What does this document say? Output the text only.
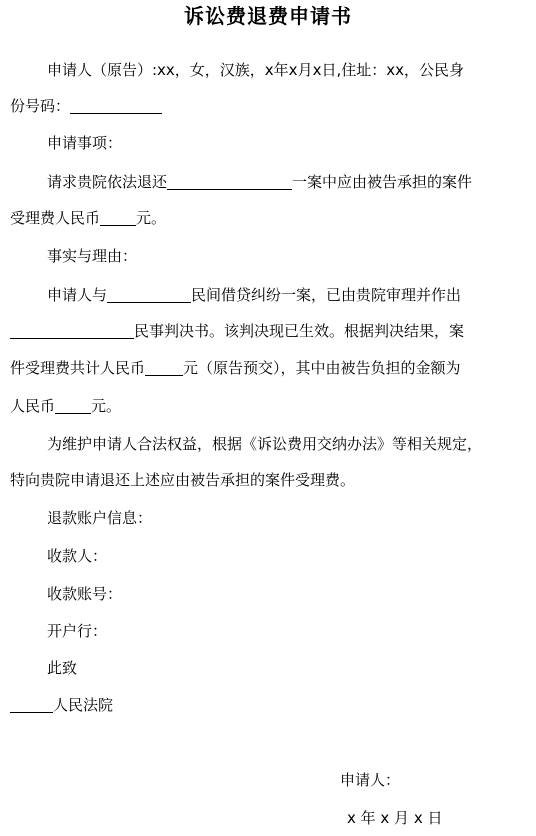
诉讼费退费申请书
申请人（原告）:xx，女，汉族，x年x月x日,住址：xx，公民身
份号码：
申请事项：
请求贵院依法退还	一案中应由被告承担的案件
受理费人民币 元。
事实与理由：
申请人与	民间借贷纠纷一案，已由贵院审理并作出
民事判决书。该判决现已生效。根据判决结果，案
件受理费共计人民币	元（原告预交），其中由被告负担的金额为
人民币 元。
为维护申请人合法权益，根据《诉讼费用交纳办法》等相关规定，
特向贵院申请退还上述应由被告承担的案件受理费。
退款账户信息：
收款人：
收款账号：
开户行：
此致
人民法院
申请人：
x 年 x 月 x 日
